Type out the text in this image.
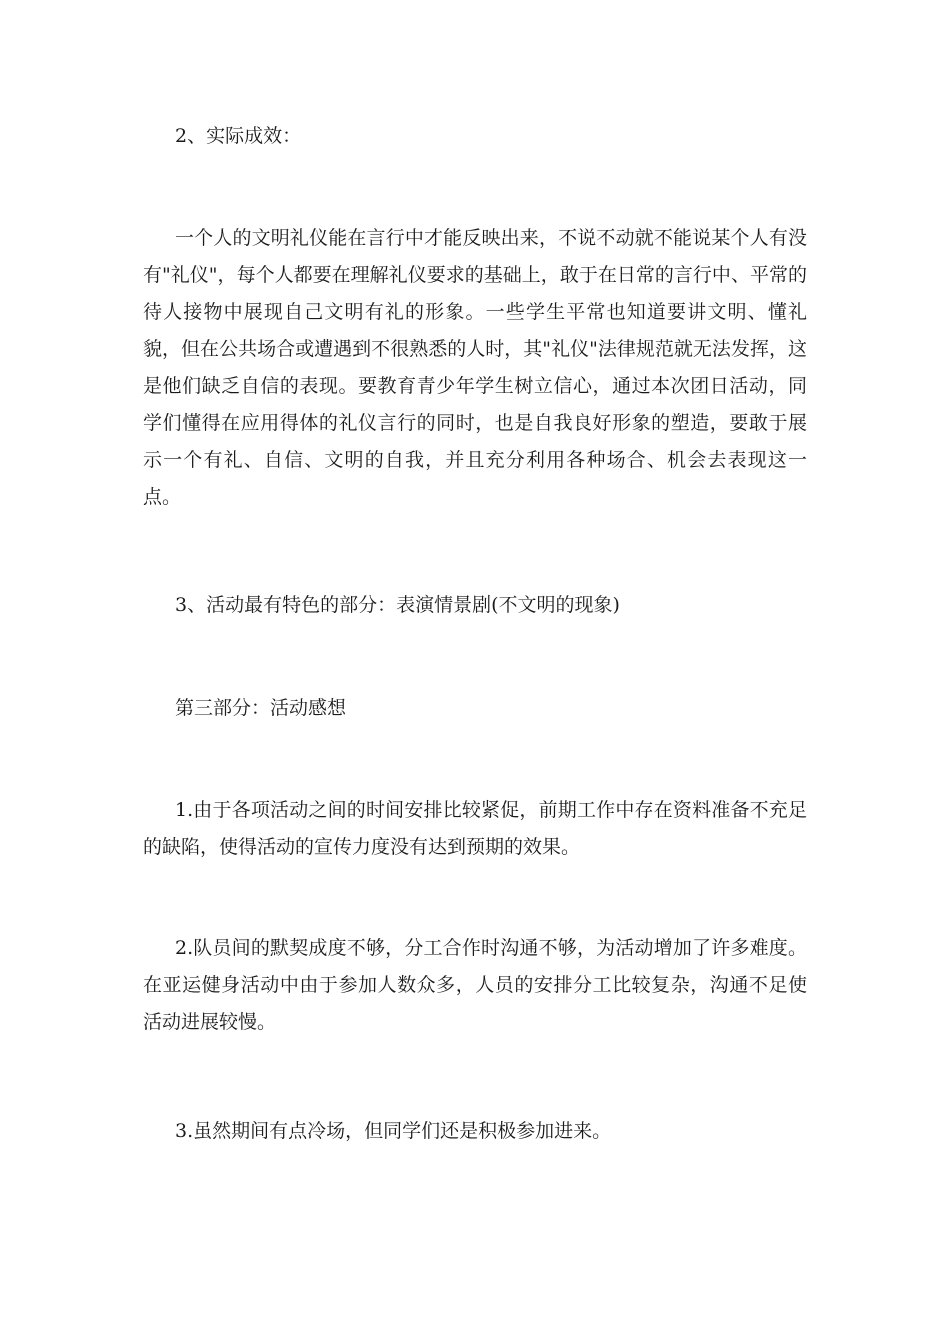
2、实际成效：

一个人的文明礼仪能在言行中才能反映出来，不说不动就不能说某个人有没有"礼仪"，每个人都要在理解礼仪要求的基础上，敢于在日常的言行中、平常的待人接物中展现自己文明有礼的形象。一些学生平常也知道要讲文明、懂礼貌，但在公共场合或遭遇到不很熟悉的人时，其"礼仪"法律规范就无法发挥，这是他们缺乏自信的表现。要教育青少年学生树立信心，通过本次团日活动，同学们懂得在应用得体的礼仪言行的同时，也是自我良好形象的塑造，要敢于展示一个有礼、自信、文明的自我，并且充分利用各种场合、机会去表现这一点。

3、活动最有特色的部分：表演情景剧(不文明的现象)

第三部分：活动感想

1.由于各项活动之间的时间安排比较紧促，前期工作中存在资料准备不充足的缺陷，使得活动的宣传力度没有达到预期的效果。

2.队员间的默契成度不够，分工合作时沟通不够，为活动增加了许多难度。在亚运健身活动中由于参加人数众多，人员的安排分工比较复杂，沟通不足使活动进展较慢。

3.虽然期间有点冷场，但同学们还是积极参加进来。
